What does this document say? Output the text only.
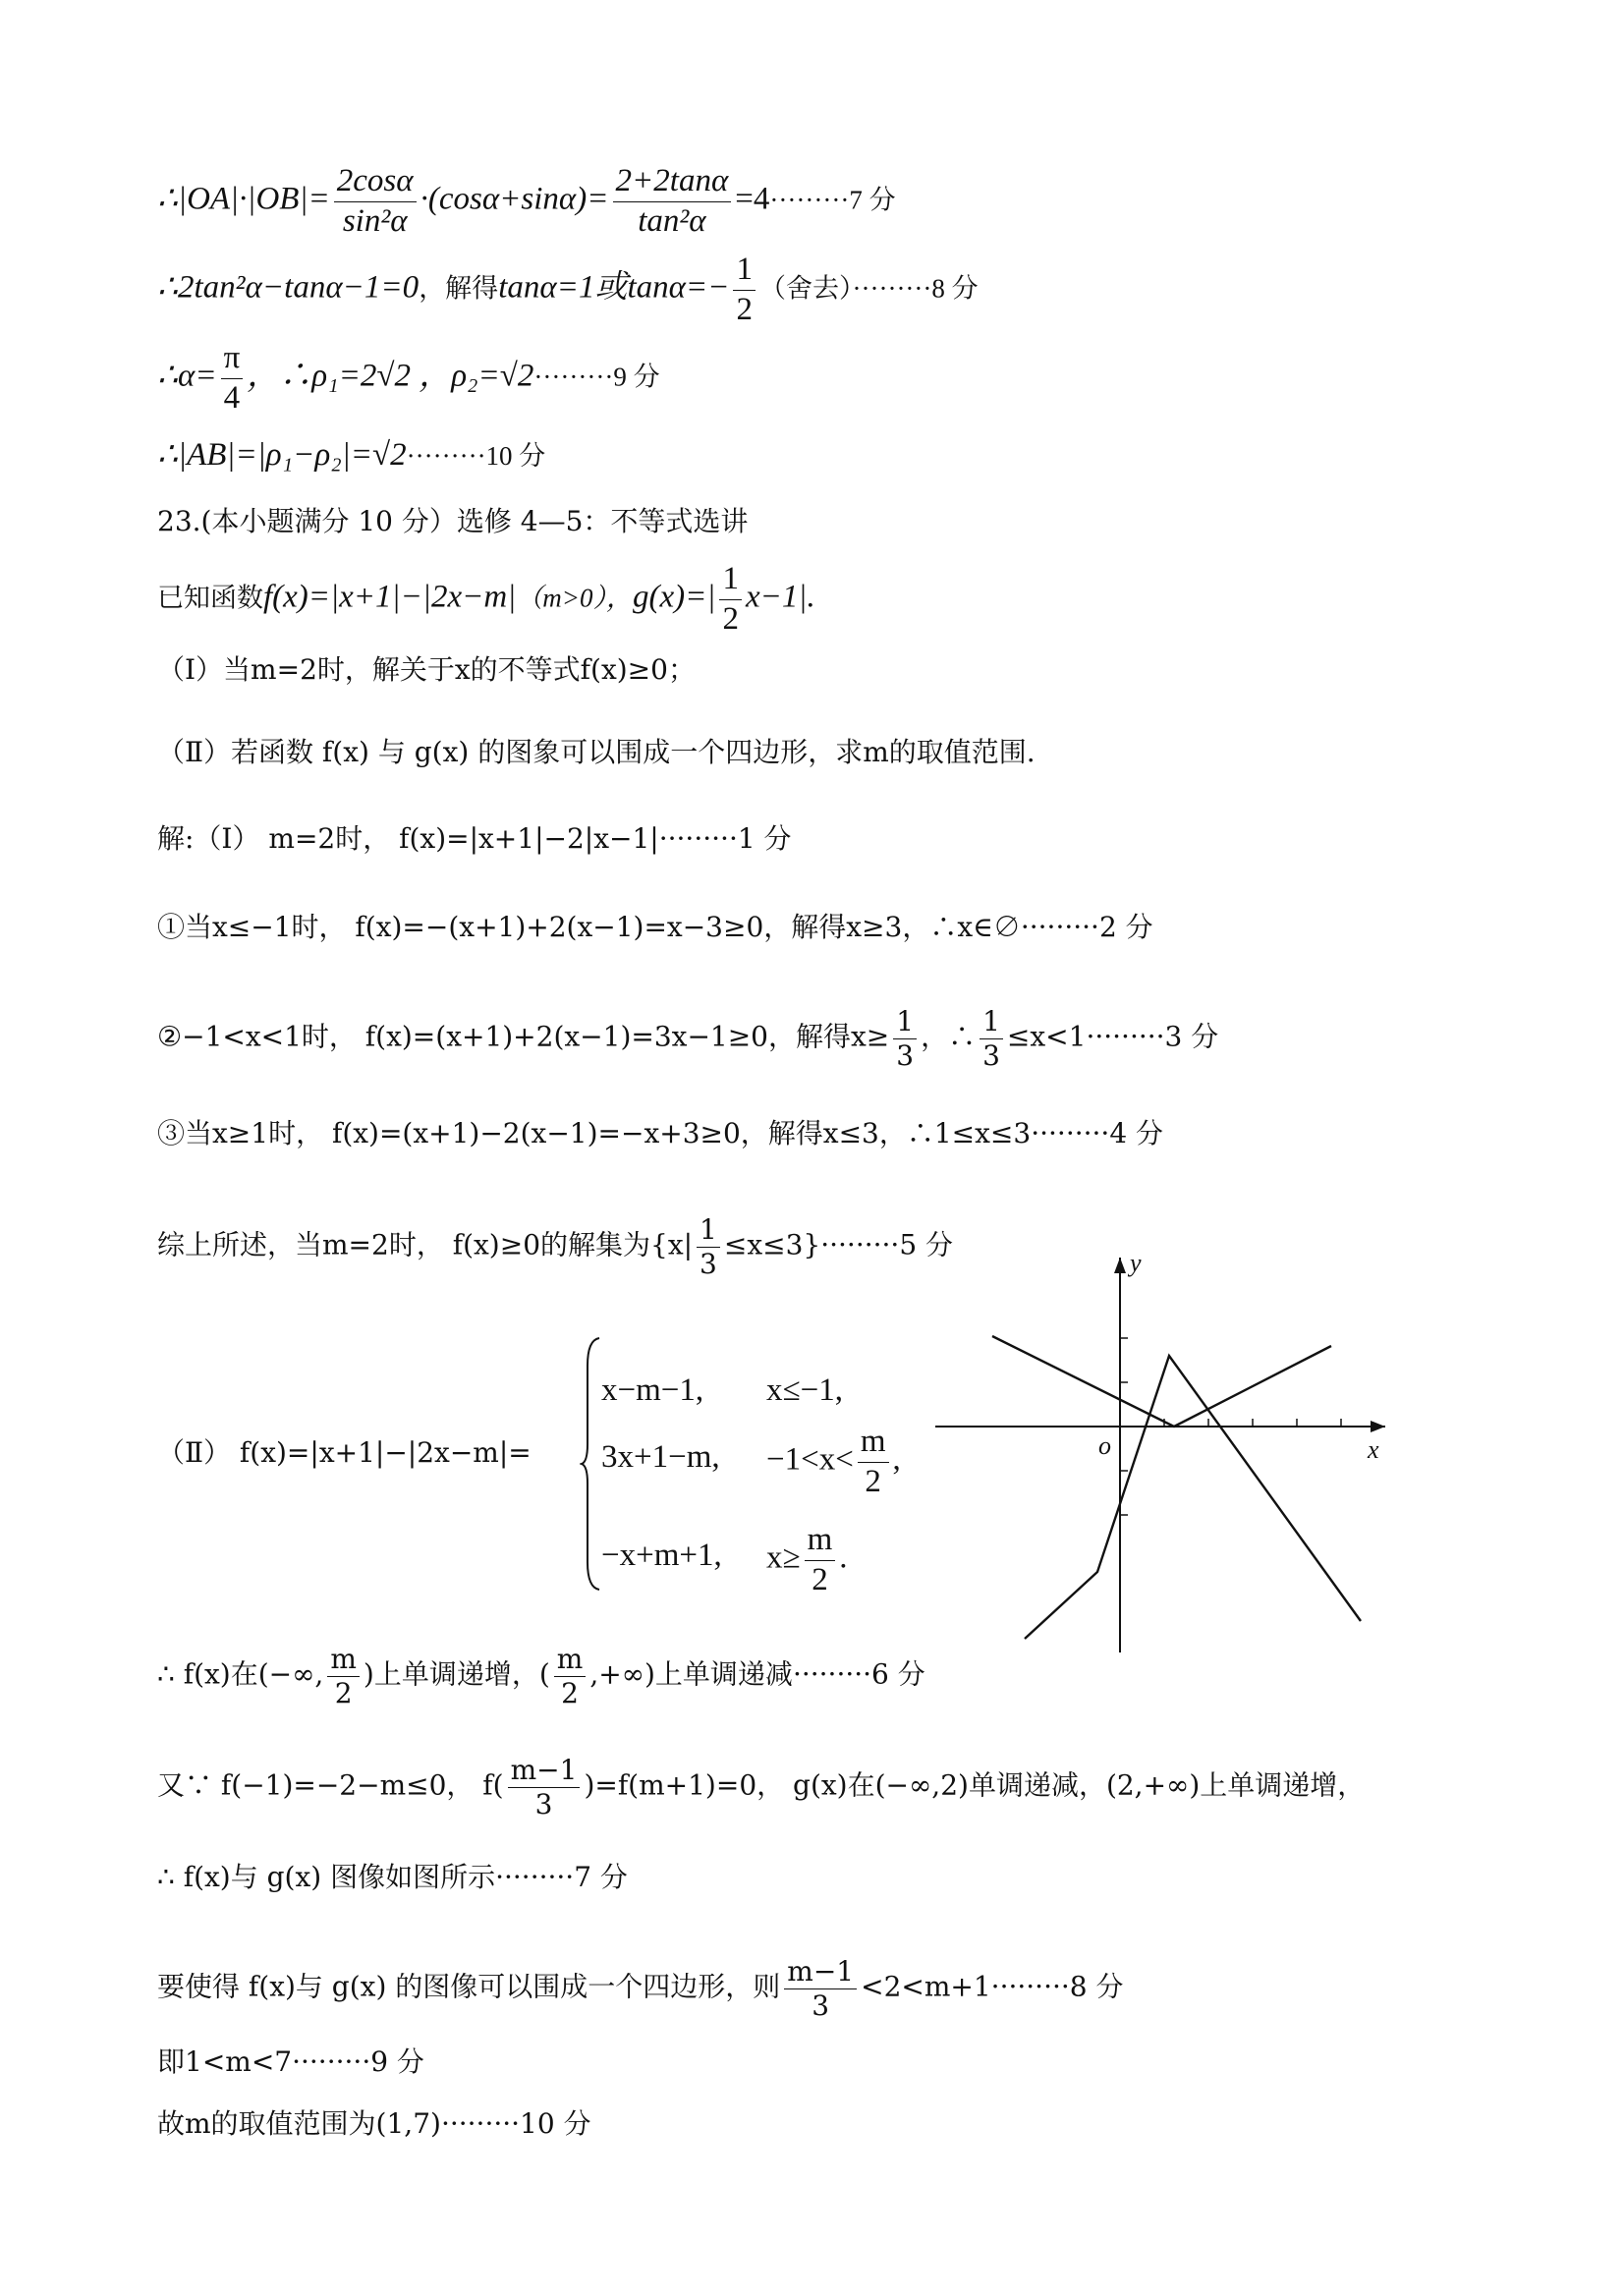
∴|OA|·|OB|= $\frac{2\cos\alpha}{\text{sin²α}} \cdot(\cos\alpha+\sin\alpha)= \frac{2+2\tan\alpha}{\text{tan²α}} =4\cdot\cdot\cdot\cdot\cdot\cdot\cdot\cdot\cdot 7$ 分
∴2tan²α−tanα−1=0，解得tanα=1或$\tan\alpha=- \frac{1}{2}$ （舍去）·········8 分
∴α= $\frac{\pi}{4}$ ，∴ρ₁=2√2 ，ρ₂=√2·········9 分
∴|AB|=|ρ₁−ρ₂|=√2·········10 分
23.(本小题满分 10 分）选修 4—5：不等式选讲
已知函数f(x)=|x+1|−|2x−m|（m>0），$g(x)=| \frac{1}{2} x-1|$.
（Ⅰ）当m=2时，解关于x的不等式f(x)≥0；
（Ⅱ）若函数 f(x) 与 g(x) 的图象可以围成一个四边形，求m的取值范围.
解:（Ⅰ） m=2时， f(x)=|x+1|−2|x−1|·········1 分
①当x≤−1时， f(x)=−(x+1)+2(x−1)=x−3≥0，解得x≥3，∴x∈∅·········2 分
②−1<x<1时， f(x)=(x+1)+2(x−1)=3x−1≥0，解得$x\ge \frac{1}{3}$ ，∴ $\frac{1}{3} \le x<1\cdot\cdot\cdot\cdot\cdot\cdot\cdot\cdot\cdot 3$ 分
③当x≥1时， f(x)=(x+1)−2(x−1)=−x+3≥0，解得x≤3，∴1≤x≤3·········4 分
综上所述，当m=2时， f(x)≥0的解集为$\{x| \frac{1}{3} \le x\le 3\}\cdot\cdot\cdot\cdot\cdot\cdot\cdot\cdot\cdot 5$ 分
（Ⅱ） f(x)=|x+1|−|2x−m|=
x−m−1, x≤−1,
3x+1−m, $-1<x< \frac{m}{2}$ ,
−x+m+1, $x\ge \frac{m}{2}$ .
y
x
o
∴ f(x)在(−∞, $\frac{m}{2}$ )上单调递增，( $\frac{m}{2}$ ,+∞)上单调递减·········6 分
又∵ f(−1)=−2−m≤0， $f( \frac{m-1}{3} )=f(m+1)=0$， g(x)在(−∞,2)单调递减，(2,+∞)上单调递增，
∴ f(x)与 g(x) 图像如图所示·········7 分
要使得 f(x)与 g(x) 的图像可以围成一个四边形，则 $\frac{m-1}{3} <2<m+1\cdot\cdot\cdot\cdot\cdot\cdot\cdot\cdot\cdot 8$ 分
即1<m<7·········9 分
故m的取值范围为(1,7)·········10 分
